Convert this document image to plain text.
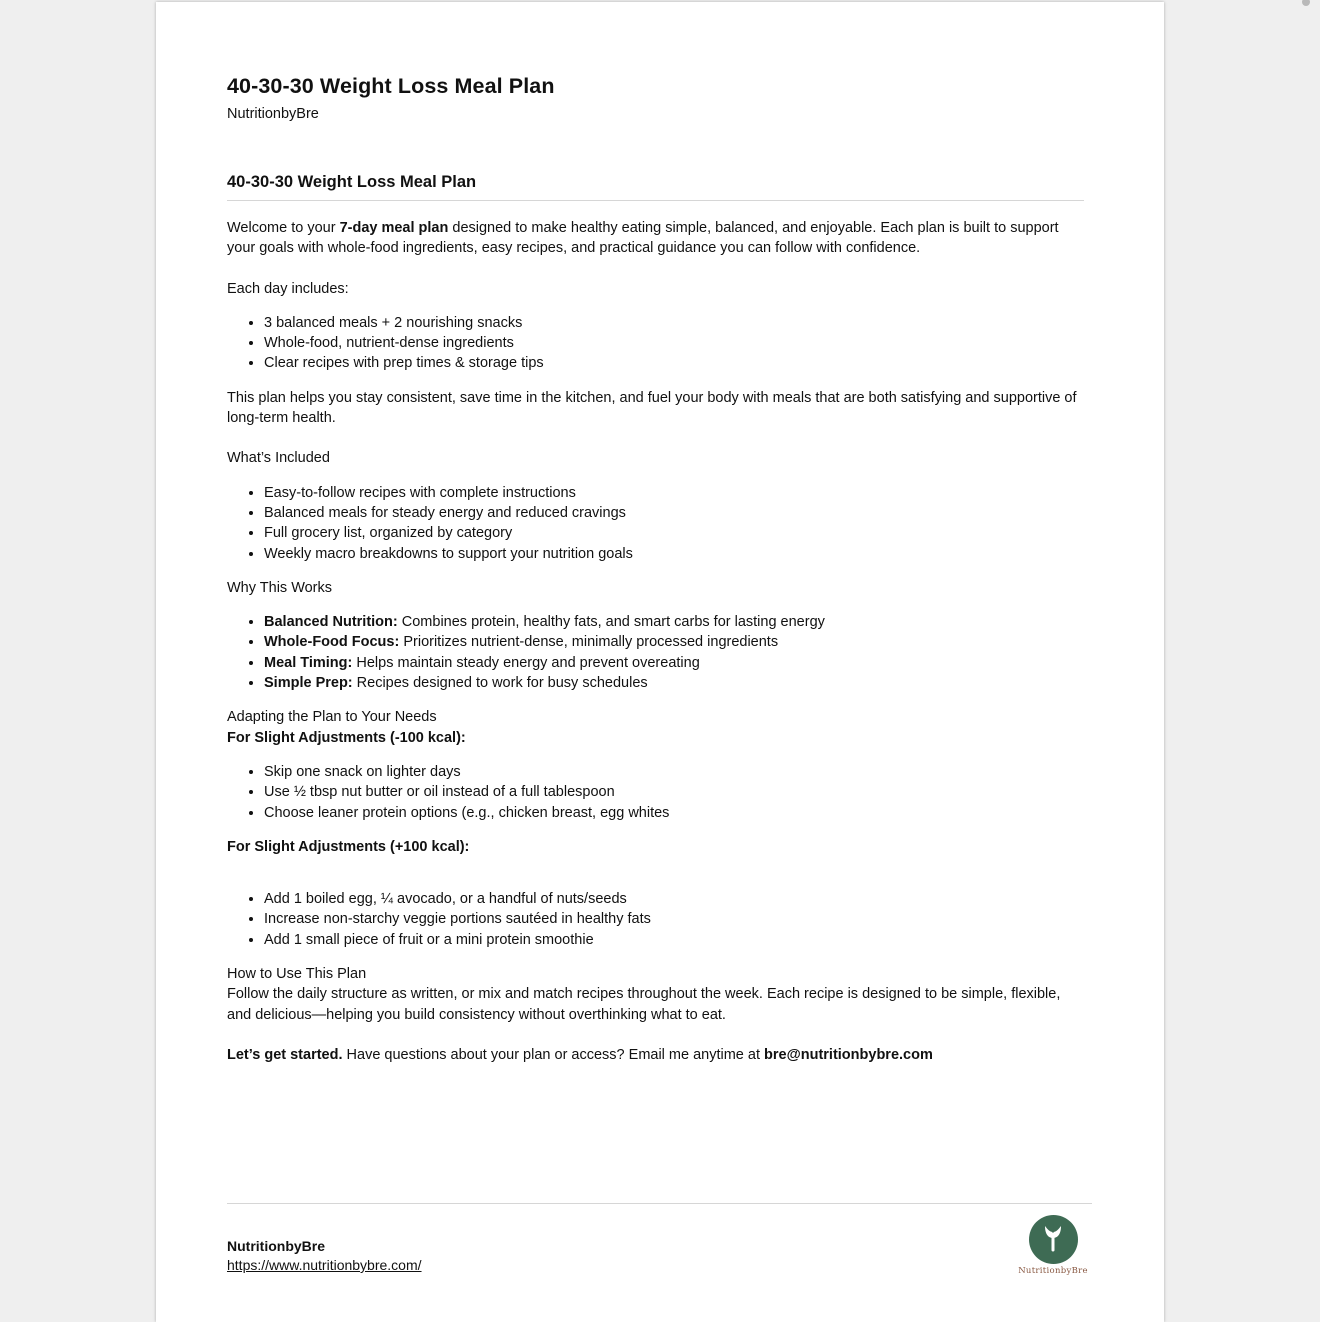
40-30-30 Weight Loss Meal Plan
NutritionbyBre
40-30-30 Weight Loss Meal Plan

Welcome to your 7-day meal plan designed to make healthy eating simple, balanced, and enjoyable. Each plan is built to support your goals with whole-food ingredients, easy recipes, and practical guidance you can follow with confidence.

Each day includes:

• 3 balanced meals + 2 nourishing snacks
• Whole-food, nutrient-dense ingredients
• Clear recipes with prep times & storage tips

This plan helps you stay consistent, save time in the kitchen, and fuel your body with meals that are both satisfying and supportive of long-term health.

What’s Included

• Easy-to-follow recipes with complete instructions
• Balanced meals for steady energy and reduced cravings
• Full grocery list, organized by category
• Weekly macro breakdowns to support your nutrition goals

Why This Works

• Balanced Nutrition: Combines protein, healthy fats, and smart carbs for lasting energy
• Whole-Food Focus: Prioritizes nutrient-dense, minimally processed ingredients
• Meal Timing: Helps maintain steady energy and prevent overeating
• Simple Prep: Recipes designed to work for busy schedules

Adapting the Plan to Your Needs

For Slight Adjustments (-100 kcal):

• Skip one snack on lighter days
• Use ½ tbsp nut butter or oil instead of a full tablespoon
• Choose leaner protein options (e.g., chicken breast, egg whites

For Slight Adjustments (+100 kcal):

• Add 1 boiled egg, ¼ avocado, or a handful of nuts/seeds
• Increase non-starchy veggie portions sautéed in healthy fats
• Add 1 small piece of fruit or a mini protein smoothie

How to Use This Plan

Follow the daily structure as written, or mix and match recipes throughout the week. Each recipe is designed to be simple, flexible, and delicious—helping you build consistency without overthinking what to eat.

Let’s get started. Have questions about your plan or access? Email me anytime at bre@nutritionbybre.com

NutritionbyBre
https://www.nutritionbybre.com/	NutritionbyBre
